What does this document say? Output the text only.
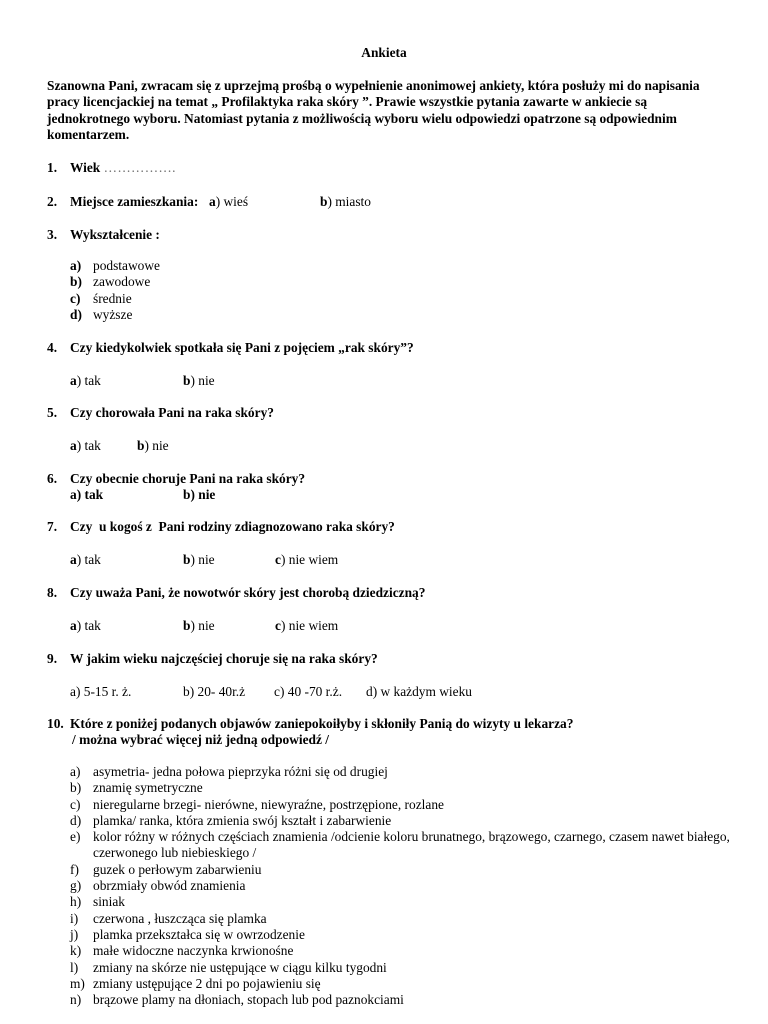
Ankieta
Szanowna Pani, zwracam się z uprzejmą prośbą o wypełnienie anonimowej ankiety, która posłuży mi do napisania pracy licencjackiej na temat „ Profilaktyka raka skóry ”. Prawie wszystkie pytania zawarte w ankiecie są jednokrotnego wyboru. Natomiast pytania z możliwością wyboru wielu odpowiedzi opatrzone są odpowiednim komentarzem.
1. Wiek …………….
2. Miejsce zamieszkania: a) wieś	b) miasto
3. Wykształcenie :
a) podstawowe
b) zawodowe
c) średnie
d) wyższe
4. Czy kiedykolwiek spotkała się Pani z pojęciem „rak skóry”?
a) tak	b) nie
5. Czy chorowała Pani na raka skóry?
a) tak	b) nie
6. Czy obecnie choruje Pani na raka skóry?
a) tak	b) nie
7. Czy  u kogoś z  Pani rodziny zdiagnozowano raka skóry?
a) tak	b) nie	c) nie wiem
8. Czy uważa Pani, że nowotwór skóry jest chorobą dziedziczną?
a) tak	b) nie	c) nie wiem
9. W jakim wieku najczęściej choruje się na raka skóry?
a) 5-15 r. ż.	b) 20- 40r.ż c) 40 -70 r.ż. d) w każdym wieku
10. Które z poniżej podanych objawów zaniepokoiłyby i skłoniły Panią do wizyty u lekarza?
/ można wybrać więcej niż jedną odpowiedź /
a) asymetria- jedna połowa pieprzyka różni się od drugiej
b) znamię symetryczne
c) nieregularne brzegi- nierówne, niewyraźne, postrzępione, rozlane
d) plamka/ ranka, która zmienia swój kształt i zabarwienie
e) kolor różny w różnych częściach znamienia /odcienie koloru brunatnego, brązowego, czarnego, czasem nawet białego, czerwonego lub niebieskiego /
f) guzek o perłowym zabarwieniu
g) obrzmiały obwód znamienia
h) siniak
i) czerwona , łuszcząca się plamka
j) plamka przekształca się w owrzodzenie
k) małe widoczne naczynka krwionośne
l) zmiany na skórze nie ustępujące w ciągu kilku tygodni
m) zmiany ustępujące 2 dni po pojawieniu się
n) brązowe plamy na dłoniach, stopach lub pod paznokciami
